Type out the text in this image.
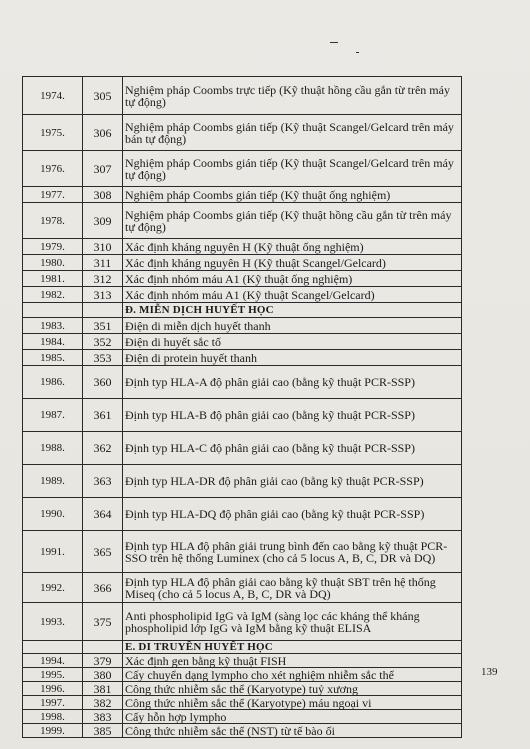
1974.	305	Nghiệm pháp Coombs trực tiếp (Kỹ thuật hồng cầu gắn từ trên máy tự động)
1975.	306	Nghiệm pháp Coombs gián tiếp (Kỹ thuật Scangel/Gelcard trên máy bán tự động)
1976.	307	Nghiệm pháp Coombs gián tiếp (Kỹ thuật Scangel/Gelcard trên máy tự động)
1977.	308	Nghiệm pháp Coombs gián tiếp (Kỹ thuật ống nghiệm)
1978.	309	Nghiệm pháp Coombs gián tiếp (Kỹ thuật hồng cầu gắn từ trên máy tự động)
1979.	310	Xác định kháng nguyên H (Kỹ thuật ống nghiệm)
1980.	311	Xác định kháng nguyên H (Kỹ thuật Scangel/Gelcard)
1981.	312	Xác định nhóm máu A1 (Kỹ thuật ống nghiệm)
1982.	313	Xác định nhóm máu A1 (Kỹ thuật Scangel/Gelcard)
		Đ. MIỄN DỊCH HUYẾT HỌC
1983.	351	Điện di miễn dịch huyết thanh
1984.	352	Điện di huyết sắc tố
1985.	353	Điện di protein huyết thanh
1986.	360	Định typ HLA-A độ phân giải cao (bằng kỹ thuật PCR-SSP)
1987.	361	Định typ HLA-B độ phân giải cao (bằng kỹ thuật PCR-SSP)
1988.	362	Định typ HLA-C độ phân giải cao (bằng kỹ thuật PCR-SSP)
1989.	363	Định typ HLA-DR độ phân giải cao (bằng kỹ thuật PCR-SSP)
1990.	364	Định typ HLA-DQ độ phân giải cao (bằng kỹ thuật PCR-SSP)
1991.	365	Định typ HLA độ phân giải trung bình đến cao bằng kỹ thuật PCR-SSO trên hệ thống Luminex (cho cả 5 locus A, B, C, DR và DQ)
1992.	366	Định typ HLA độ phân giải cao bằng kỹ thuật SBT trên hệ thống Miseq (cho cả 5 locus A, B, C, DR và DQ)
1993.	375	Anti phospholipid IgG và IgM (sàng lọc các kháng thể kháng phospholipid lớp IgG và IgM bằng kỹ thuật ELISA
		E. DI TRUYỀN HUYẾT HỌC
1994.	379	Xác định gen bằng kỹ thuật FISH
1995.	380	Cấy chuyển dạng lympho cho xét nghiệm nhiễm sắc thể
1996.	381	Công thức nhiễm sắc thể (Karyotype) tuỷ xương
1997.	382	Công thức nhiễm sắc thể (Karyotype) máu ngoại vi
1998.	383	Cấy hỗn hợp lympho
1999.	385	Công thức nhiễm sắc thể (NST) từ tế bào ối
139
